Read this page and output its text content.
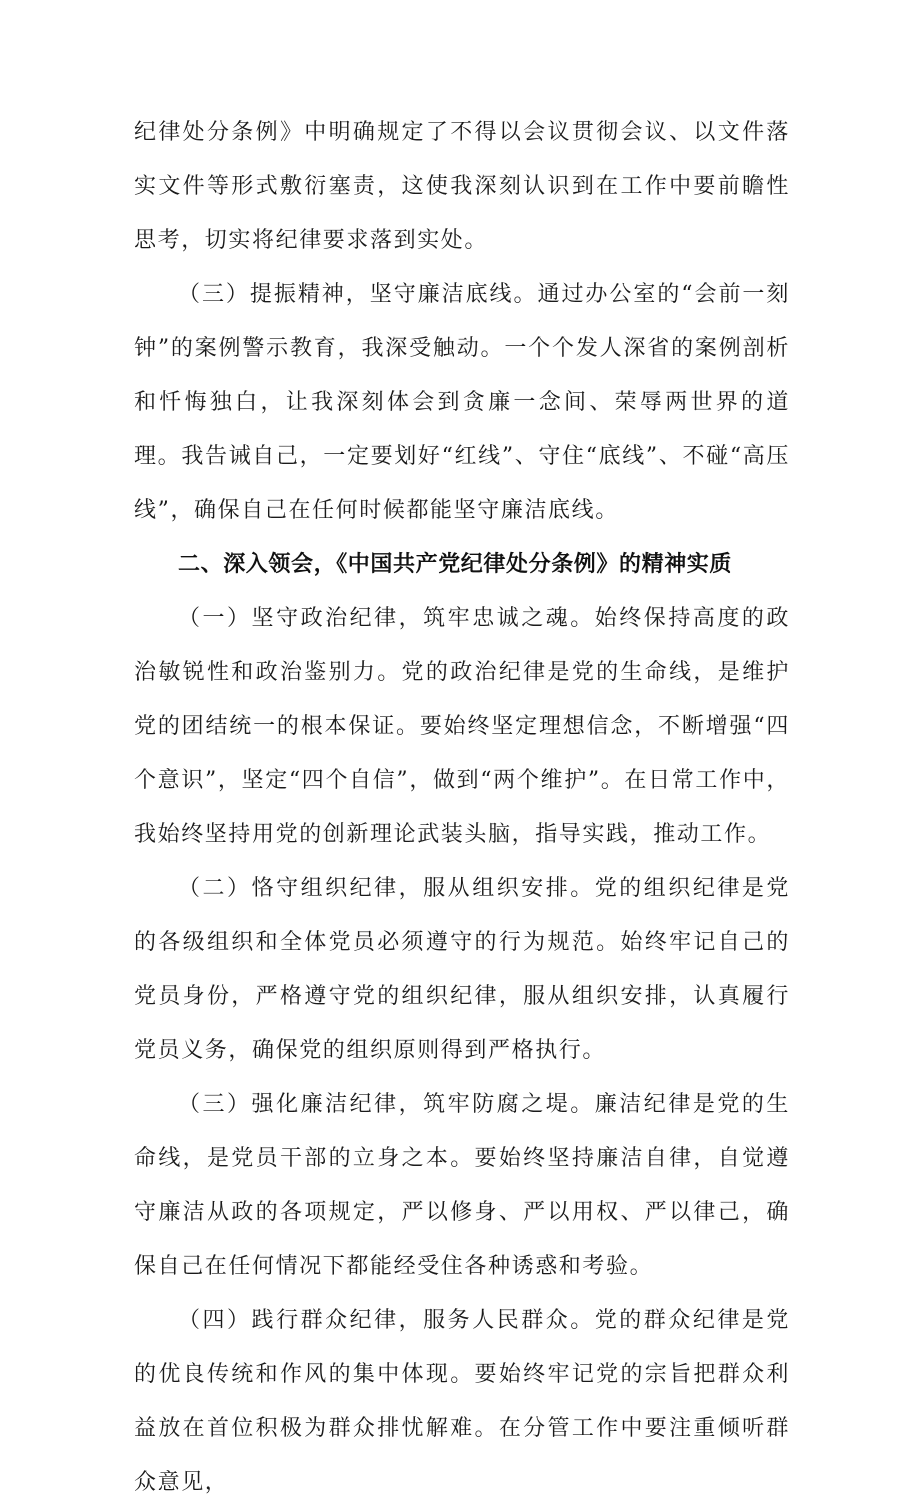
纪律处分条例》中明确规定了不得以会议贯彻会议、以文件落实文件等形式敷衍塞责，这使我深刻认识到在工作中要前瞻性思考，切实将纪律要求落到实处。

（三）提振精神，坚守廉洁底线。通过办公室的“会前一刻钟”的案例警示教育，我深受触动。一个个发人深省的案例剖析和忏悔独白，让我深刻体会到贪廉一念间、荣辱两世界的道理。我告诫自己，一定要划好“红线”、守住“底线”、不碰“高压线”，确保自己在任何时候都能坚守廉洁底线。

二、深入领会，《中国共产党纪律处分条例》的精神实质

（一）坚守政治纪律，筑牢忠诚之魂。始终保持高度的政治敏锐性和政治鉴别力。党的政治纪律是党的生命线，是维护党的团结统一的根本保证。要始终坚定理想信念，不断增强“四个意识”，坚定“四个自信”，做到“两个维护”。在日常工作中，我始终坚持用党的创新理论武装头脑，指导实践，推动工作。

（二）恪守组织纪律，服从组织安排。党的组织纪律是党的各级组织和全体党员必须遵守的行为规范。始终牢记自己的党员身份，严格遵守党的组织纪律，服从组织安排，认真履行党员义务，确保党的组织原则得到严格执行。

（三）强化廉洁纪律，筑牢防腐之堤。廉洁纪律是党的生命线，是党员干部的立身之本。要始终坚持廉洁自律，自觉遵守廉洁从政的各项规定，严以修身、严以用权、严以律己，确保自己在任何情况下都能经受住各种诱惑和考验。

（四）践行群众纪律，服务人民群众。党的群众纪律是党的优良传统和作风的集中体现。要始终牢记党的宗旨把群众利益放在首位积极为群众排忧解难。在分管工作中要注重倾听群众意见，
